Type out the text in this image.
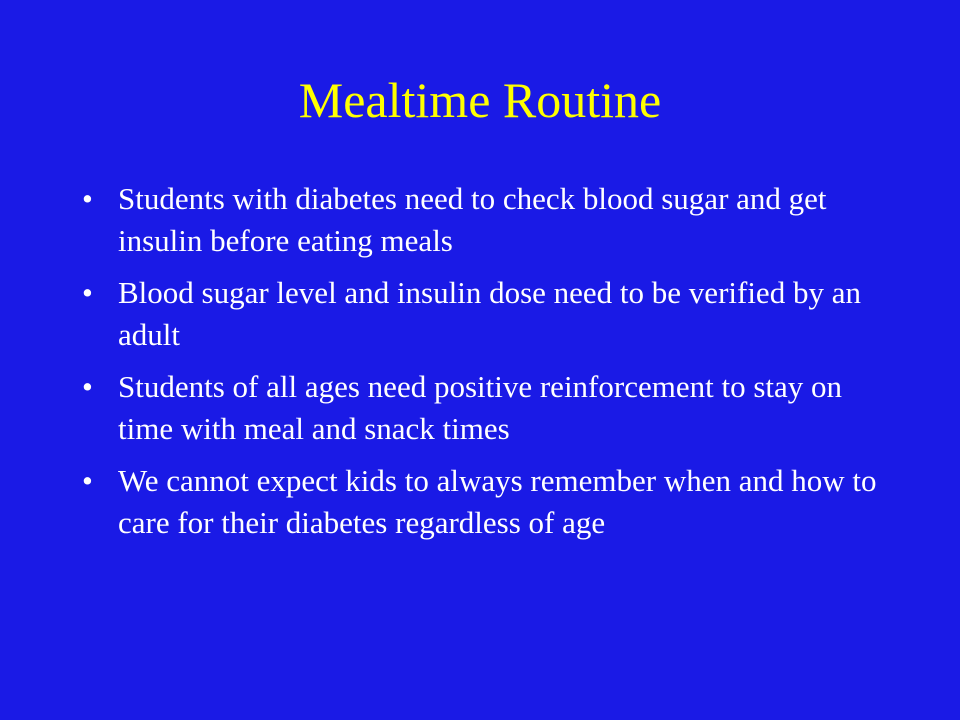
Mealtime Routine
• Students with diabetes need to check blood sugar and get insulin before eating meals
• Blood sugar level and insulin dose need to be verified by an adult
• Students of all ages need positive reinforcement to stay on time with meal and snack times
• We cannot expect kids to always remember when and how to care for their diabetes regardless of age
